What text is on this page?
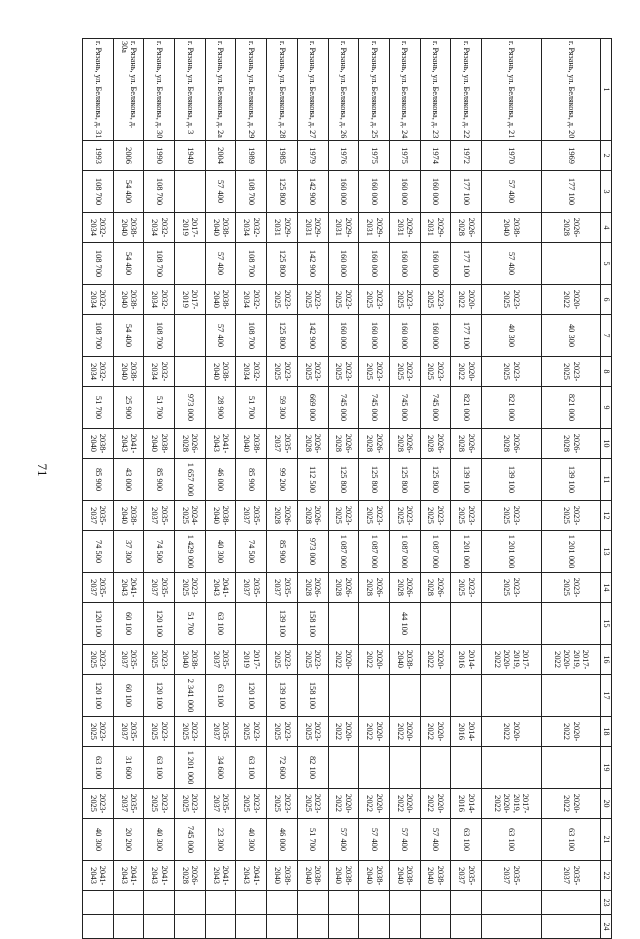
71
1	2	3	4	5	6	7	8	9	10	11	12	13	14	15	16	17	18	19	20	21	22	23	24
г. Рязань, ул. Белякова, д. 20	1969	177 100	2026-2028		2020-2022	40 300	2023-2025	821 000	2026-2028	139 100	2023-2025	1 201 000	2023-2025		2017-2019, 2020-2022		2020-2022		2020-2022	63 100	2035-2037		
г. Рязань, ул. Белякова, д. 21	1970	57 400	2038-2040	57 400	2023-2025	40 300	2023-2025	821 000	2026-2028	139 100	2023-2025	1 201 000	2023-2025		2017-2019, 2020-2022		2020-2022		2017-2019, 2020-2022	63 100	2035-2037		
г. Рязань, ул. Белякова, д. 22	1972	177 100	2026-2028	177 100	2020-2022	177 100	2020-2022	821 000	2026-2028	139 100	2023-2025	1 201 000	2023-2025		2014-2016		2014-2016		2014-2016	63 100	2035-2037		
г. Рязань, ул. Белякова, д. 23	1974	160 000	2029-2031	160 000	2023-2025	160 000	2023-2025	745 000	2026-2028	125 800	2023-2025	1 087 000	2026-2028		2020-2022		2020-2022		2020-2022	57 400	2038-2040		
г. Рязань, ул. Белякова, д. 24	1975	160 000	2029-2031	160 000	2023-2025	160 000	2023-2025	745 000	2026-2028	125 800	2023-2025	1 087 000	2026-2028	44 100	2038-2040		2020-2022		2020-2022	57 400	2038-2040		
г. Рязань, ул. Белякова, д. 25	1975	160 000	2029-2031	160 000	2023-2025	160 000	2023-2025	745 000	2026-2028	125 800	2023-2025	1 087 000	2026-2028		2020-2022		2020-2022		2020-2022	57 400	2038-2040		
г. Рязань, ул. Белякова, д. 26	1976	160 000	2029-2031	160 000	2023-2025	160 000	2023-2025	745 000	2026-2028	125 800	2023-2025	1 087 000	2026-2028		2020-2022		2020-2022		2020-2022	57 400	2038-2040		
г. Рязань, ул. Белякова, д. 27	1979	142 900	2029-2031	142 900	2023-2025	142 900	2023-2025	669 000	2026-2028	112 500	2026-2028	973 000	2026-2028	158 100	2023-2025	158 100	2023-2025	82 100	2023-2025	51 700	2038-2040		
г. Рязань, ул. Белякова, д. 28	1985	125 800	2029-2031	125 800	2023-2025	125 800	2023-2025	59 300	2035-2037	99 200	2026-2028	85 900	2035-2037	139 100	2023-2025	139 100	2023-2025	72 600	2023-2025	46 000	2038-2040		
г. Рязань, ул. Белякова, д. 29	1989	108 700	2032-2034	108 700	2032-2034	108 700	2032-2034	51 700	2038-2040	85 900	2035-2037	74 500	2035-2037		2017-2019	120 100	2023-2025	63 100	2023-2025	40 300	2041-2043		
г. Рязань, ул. Белякова, д. 2а	2004	57 400	2038-2040	57 400	2038-2040	57 400	2038-2040	28 900	2041-2043	46 000	2038-2040	40 300	2041-2043	63 100	2035-2037	63 100	2035-2037	34 600	2035-2037	23 300	2041-2043		
г. Рязань, ул. Белякова, д. 3	1940		2017-2019		2017-2019			973 000	2026-2028	1 657 000	2024-2025	1 429 000	2023-2025	51 700	2038-2040	2 341 000	2023-2025	1 201 000	2023-2025	745 000	2026-2028		
г. Рязань, ул. Белякова, д. 30	1990	108 700	2032-2034	108 700	2032-2034	108 700	2032-2034	51 700	2038-2040	85 900	2035-2037	74 500	2035-2037	120 100	2023-2025	120 100	2023-2025	63 100	2023-2025	40 300	2041-2043		
г. Рязань, ул. Белякова, д. 30а	2006	54 400	2038-2040	54 400	2038-2040	54 400	2038-2040	25 900	2041-2043	43 000	2038-2040	37 300	2041-2043	60 100	2035-2037	60 100	2035-2037	31 600	2035-2037	20 200	2041-2043		
г. Рязань, ул. Белякова, д. 31	1993	108 700	2032-2034	108 700	2032-2034	108 700	2032-2034	51 700	2038-2040	85 900	2035-2037	74 500	2035-2037	120 100	2023-2025	120 100	2023-2025	63 100	2023-2025	40 300	2041-2043		
